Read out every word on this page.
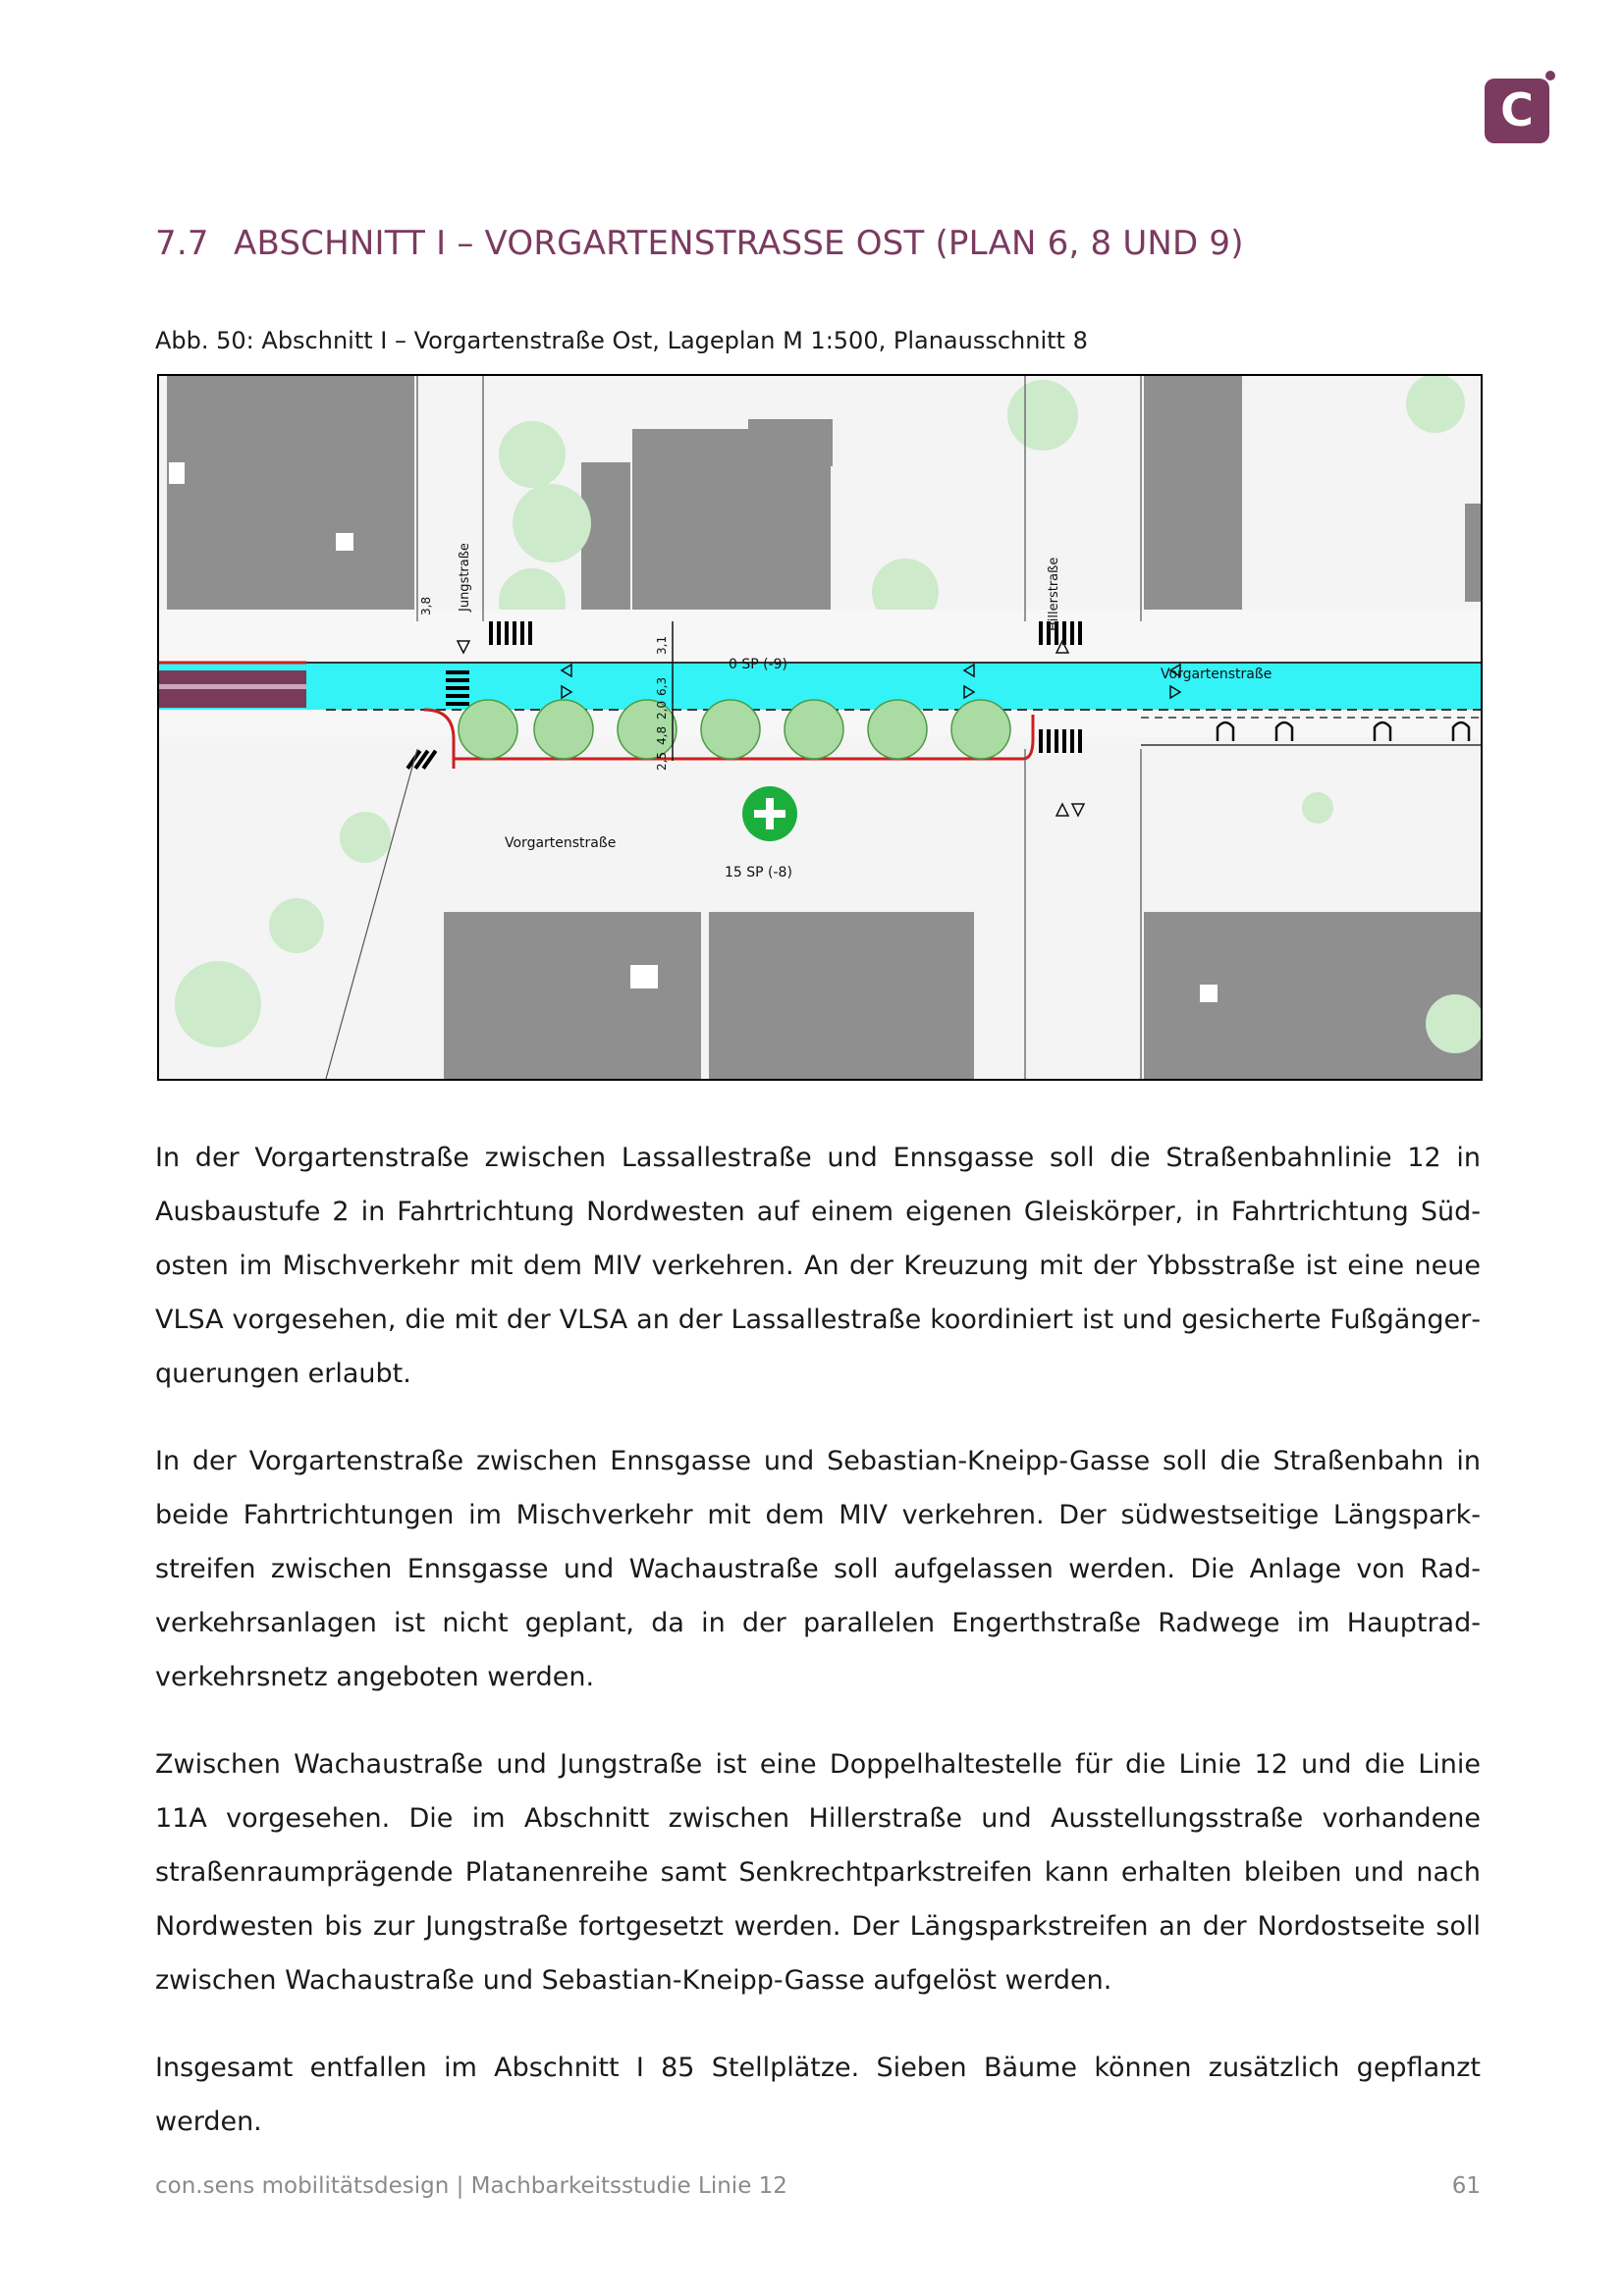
C
7.7 ABSCHNITT I – VORGARTENSTRASSE OST (PLAN 6, 8 UND 9)
Abb. 50: Abschnitt I – Vorgartenstraße Ost, Lageplan M 1:500, Planausschnitt 8
Jungstraße	Hillerstraße
Vorgartenstraße
Vorgartenstraße
0 SP (-9)
15 SP (-8)
3,8
3,1
6,3
2,0
4,8
2,5

In der Vorgartenstraße zwischen Lassallestraße und Ennsgasse soll die Straßenbahnlinie 12 in Ausbaustufe 2 in Fahrtrichtung Nordwesten auf einem eigenen Gleiskörper, in Fahrtrichtung Südosten im Mischverkehr mit dem MIV verkehren. An der Kreuzung mit der Ybbsstraße ist eine neue VLSA vorgesehen, die mit der VLSA an der Lassallestraße koordiniert ist und gesicherte Fußgängerquerungen erlaubt.

In der Vorgartenstraße zwischen Ennsgasse und Sebastian-Kneipp-Gasse soll die Straßenbahn in beide Fahrtrichtungen im Mischverkehr mit dem MIV verkehren. Der südwestseitige Längsparkstreifen zwischen Ennsgasse und Wachaustraße soll aufgelassen werden. Die Anlage von Radverkehrsanlagen ist nicht geplant, da in der parallelen Engerthstraße Radwege im Hauptradverkehrsnetz angeboten werden.

Zwischen Wachaustraße und Jungstraße ist eine Doppelhaltestelle für die Linie 12 und die Linie 11A vorgesehen. Die im Abschnitt zwischen Hillerstraße und Ausstellungsstraße vorhandene straßenraumprägende Platanenreihe samt Senkrechtparkstreifen kann erhalten bleiben und nach Nordwesten bis zur Jungstraße fortgesetzt werden. Der Längsparkstreifen an der Nordostseite soll zwischen Wachaustraße und Sebastian-Kneipp-Gasse aufgelöst werden.

Insgesamt entfallen im Abschnitt I 85 Stellplätze. Sieben Bäume können zusätzlich gepflanzt werden.

con.sens mobilitätsdesign | Machbarkeitsstudie Linie 12	61
